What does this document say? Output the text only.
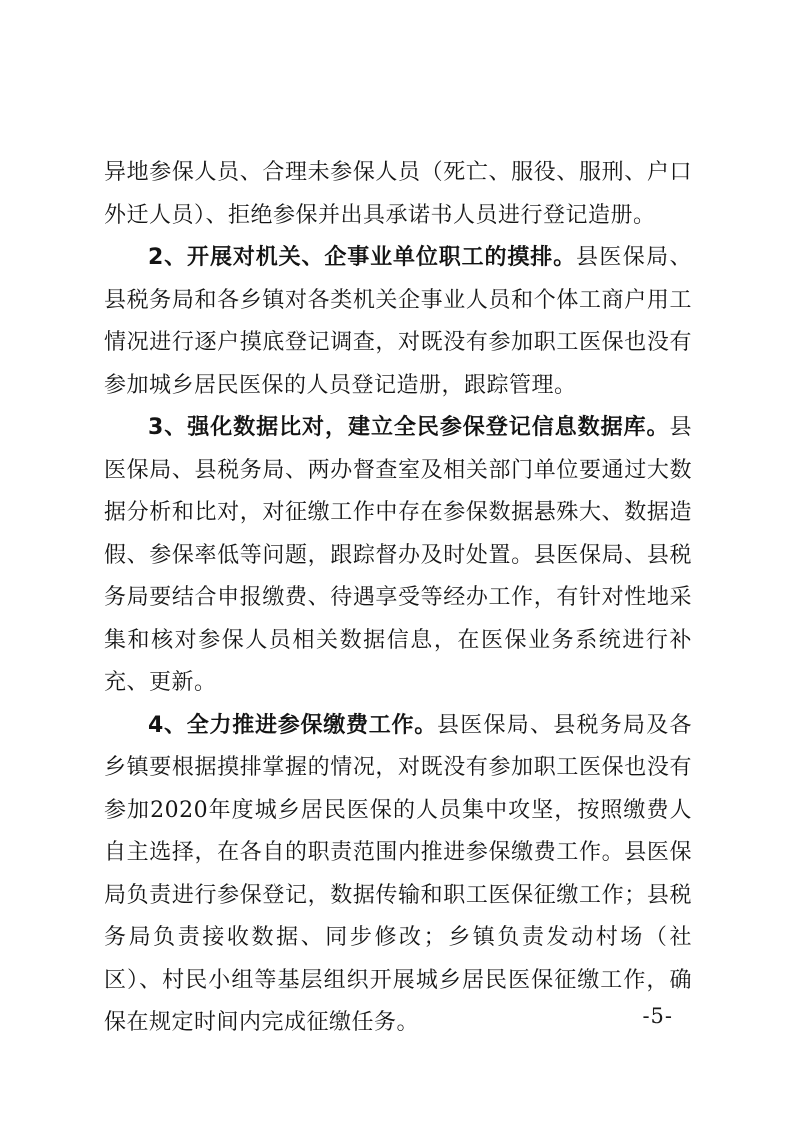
异地参保人员、合理未参保人员（死亡、服役、服刑、户口外迁人员）、拒绝参保并出具承诺书人员进行登记造册。

2、开展对机关、企事业单位职工的摸排。县医保局、县税务局和各乡镇对各类机关企事业人员和个体工商户用工情况进行逐户摸底登记调查，对既没有参加职工医保也没有参加城乡居民医保的人员登记造册，跟踪管理。

3、强化数据比对，建立全民参保登记信息数据库。县医保局、县税务局、两办督查室及相关部门单位要通过大数据分析和比对，对征缴工作中存在参保数据悬殊大、数据造假、参保率低等问题，跟踪督办及时处置。县医保局、县税务局要结合申报缴费、待遇享受等经办工作，有针对性地采集和核对参保人员相关数据信息，在医保业务系统进行补充、更新。

4、全力推进参保缴费工作。县医保局、县税务局及各乡镇要根据摸排掌握的情况，对既没有参加职工医保也没有参加2020年度城乡居民医保的人员集中攻坚，按照缴费人自主选择，在各自的职责范围内推进参保缴费工作。县医保局负责进行参保登记，数据传输和职工医保征缴工作；县税务局负责接收数据、同步修改；乡镇负责发动村场（社区）、村民小组等基层组织开展城乡居民医保征缴工作，确保在规定时间内完成征缴任务。	-5-
